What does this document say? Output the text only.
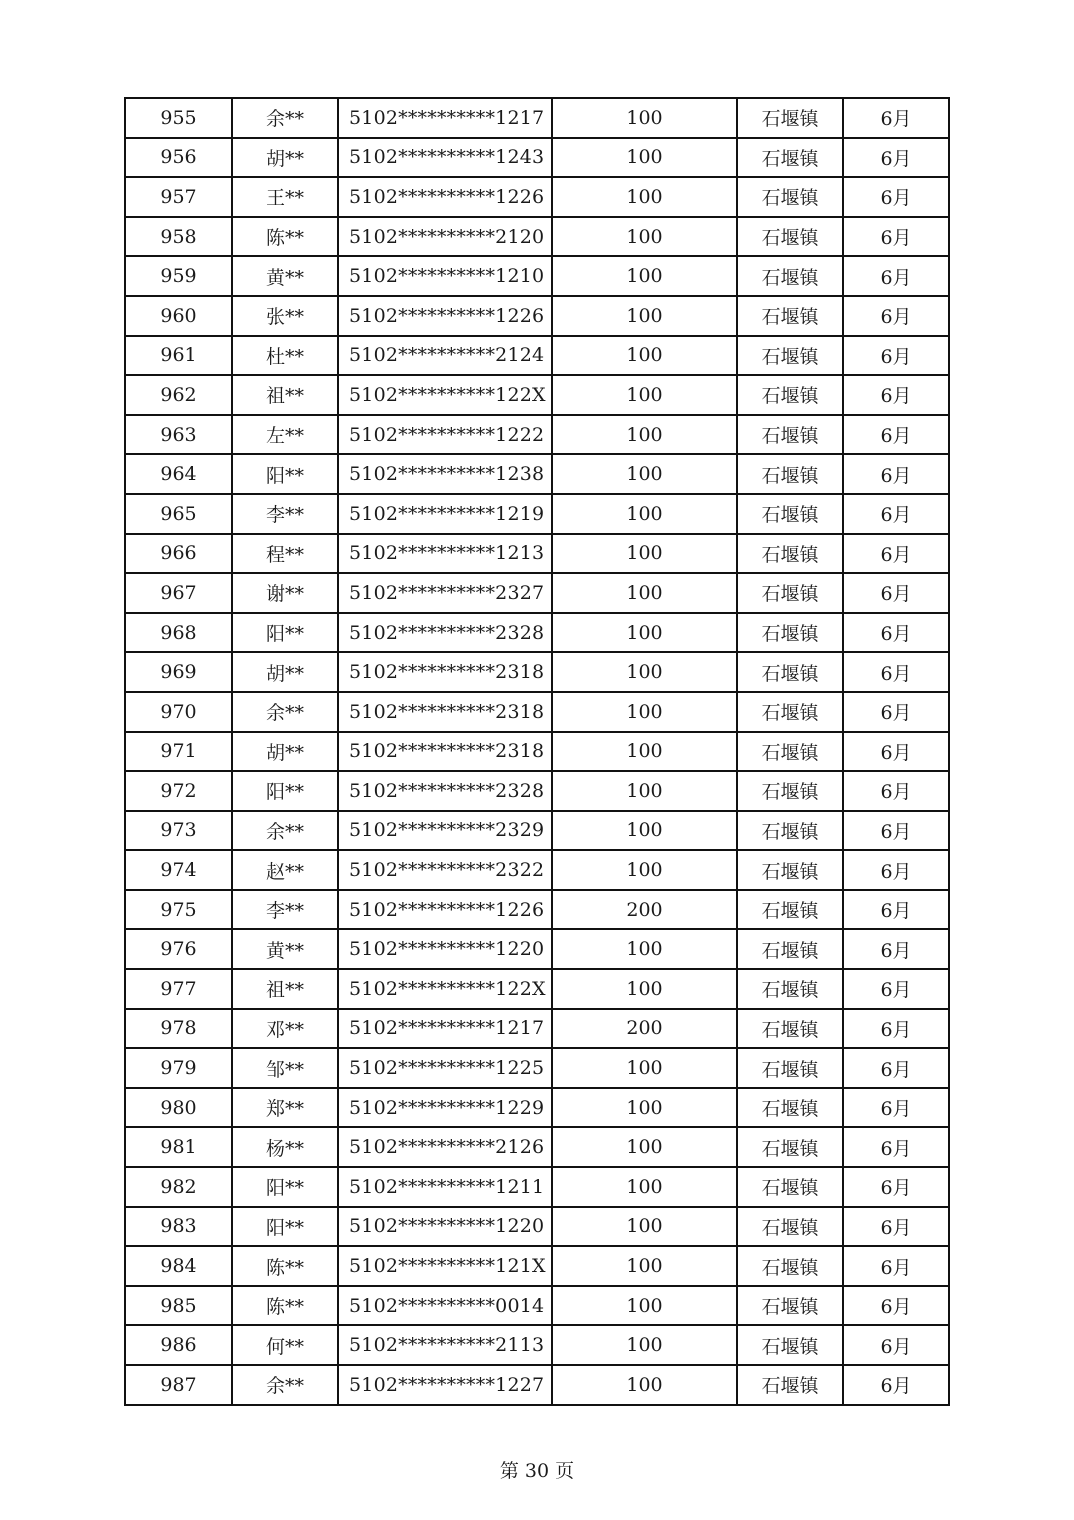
955	余**	5102**********1217	100	石堰镇	6月
956	胡**	5102**********1243	100	石堰镇	6月
957	王**	5102**********1226	100	石堰镇	6月
958	陈**	5102**********2120	100	石堰镇	6月
959	黄**	5102**********1210	100	石堰镇	6月
960	张**	5102**********1226	100	石堰镇	6月
961	杜**	5102**********2124	100	石堰镇	6月
962	祖**	5102**********122X	100	石堰镇	6月
963	左**	5102**********1222	100	石堰镇	6月
964	阳**	5102**********1238	100	石堰镇	6月
965	李**	5102**********1219	100	石堰镇	6月
966	程**	5102**********1213	100	石堰镇	6月
967	谢**	5102**********2327	100	石堰镇	6月
968	阳**	5102**********2328	100	石堰镇	6月
969	胡**	5102**********2318	100	石堰镇	6月
970	余**	5102**********2318	100	石堰镇	6月
971	胡**	5102**********2318	100	石堰镇	6月
972	阳**	5102**********2328	100	石堰镇	6月
973	余**	5102**********2329	100	石堰镇	6月
974	赵**	5102**********2322	100	石堰镇	6月
975	李**	5102**********1226	200	石堰镇	6月
976	黄**	5102**********1220	100	石堰镇	6月
977	祖**	5102**********122X	100	石堰镇	6月
978	邓**	5102**********1217	200	石堰镇	6月
979	邹**	5102**********1225	100	石堰镇	6月
980	郑**	5102**********1229	100	石堰镇	6月
981	杨**	5102**********2126	100	石堰镇	6月
982	阳**	5102**********1211	100	石堰镇	6月
983	阳**	5102**********1220	100	石堰镇	6月
984	陈**	5102**********121X	100	石堰镇	6月
985	陈**	5102**********0014	100	石堰镇	6月
986	何**	5102**********2113	100	石堰镇	6月
987	余**	5102**********1227	100	石堰镇	6月
第 30 页
